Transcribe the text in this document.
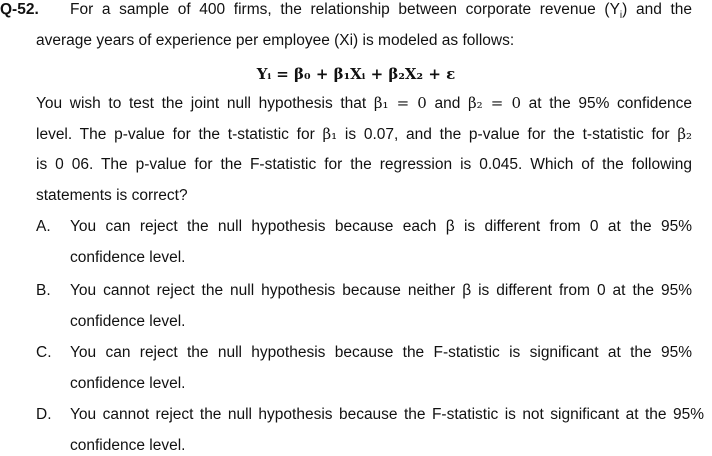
Q-52. For a sample of 400 firms, the relationship between corporate revenue $(Y_i)$ and the
average years of experience per employee (Xi) is modeled as follows:
Yᵢ = β₀ + β₁Xᵢ + β₂X₂ + ε
You wish to test the joint null hypothesis that β₁ = 0 and β₂ = 0 at the 95% confidence
level. The p-value for the t-statistic for β₁ is 0.07, and the p-value for the t-statistic for β₂
is 0 06. The p-value for the F-statistic for the regression is 0.045. Which of the following
statements is correct?
A. You can reject the null hypothesis because each β is different from 0 at the 95%
confidence level.
B. You cannot reject the null hypothesis because neither β is different from 0 at the 95%
confidence level.
C. You can reject the null hypothesis because the F-statistic is significant at the 95%
confidence level.
D. You cannot reject the null hypothesis because the F-statistic is not significant at the 95%
confidence level.
